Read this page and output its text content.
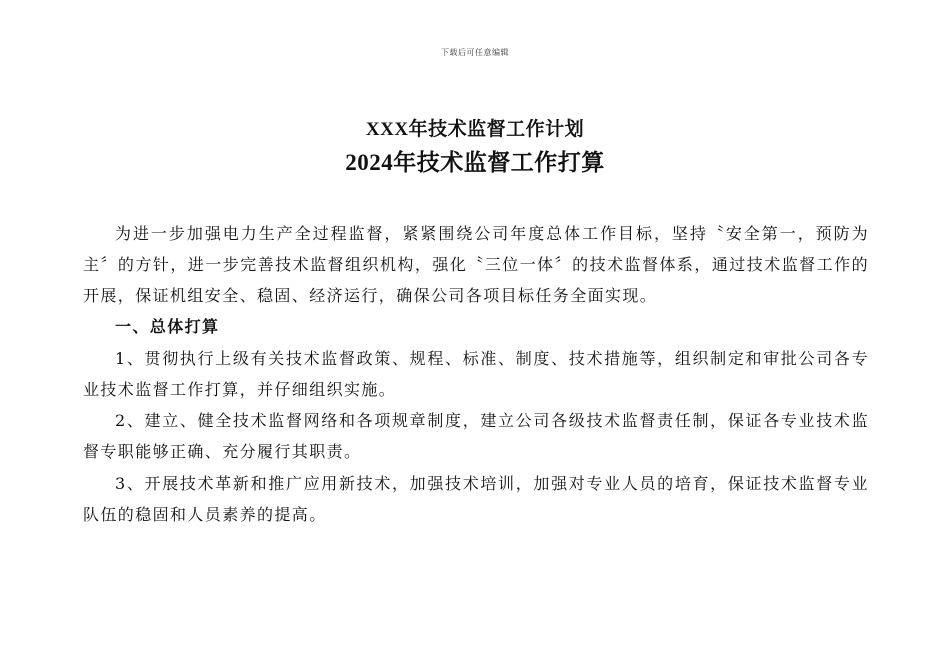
下载后可任意编辑
XXX年技术监督工作计划
2024年技术监督工作打算

为进一步加强电力生产全过程监督，紧紧围绕公司年度总体工作目标，坚持〝安全第一，预防为主〞的方针，进一步完善技术监督组织机构，强化〝三位一体〞的技术监督体系，通过技术监督工作的开展，保证机组安全、稳固、经济运行，确保公司各项目标任务全面实现。

一、总体打算

1、贯彻执行上级有关技术监督政策、规程、标准、制度、技术措施等，组织制定和审批公司各专业技术监督工作打算，并仔细组织实施。

2、建立、健全技术监督网络和各项规章制度，建立公司各级技术监督责任制，保证各专业技术监督专职能够正确、充分履行其职责。

3、开展技术革新和推广应用新技术，加强技术培训，加强对专业人员的培育，保证技术监督专业队伍的稳固和人员素养的提高。
